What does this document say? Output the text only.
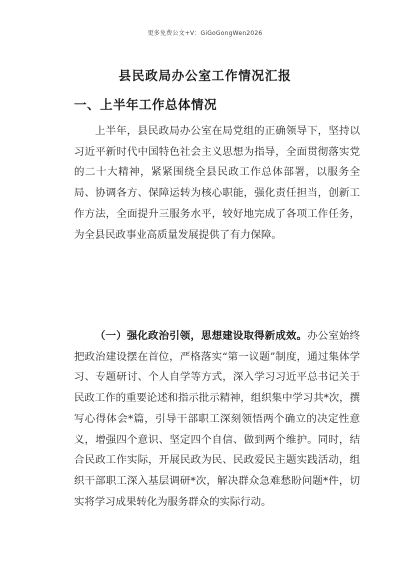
更多免费公文+V：GiGoGongWen2026
县民政局办公室工作情况汇报
一、上半年工作总体情况
上半年，县民政局办公室在局党组的正确领导下，坚持以习近平新时代中国特色社会主义思想为指导，全面贯彻落实党的二十大精神，紧紧围绕全县民政工作总体部署，以服务全局、协调各方、保障运转为核心职能，强化责任担当，创新工作方法，全面提升三服务水平，较好地完成了各项工作任务，为全县民政事业高质量发展提供了有力保障。
（一）强化政治引领，思想建设取得新成效。办公室始终把政治建设摆在首位，严格落实“第一议题”制度，通过集体学习、专题研讨、个人自学等方式，深入学习习近平总书记关于民政工作的重要论述和指示批示精神，组织集中学习共*次，撰写心得体会*篇，引导干部职工深刻领悟两个确立的决定性意义，增强四个意识、坚定四个自信、做到两个维护。同时，结合民政工作实际，开展民政为民、民政爱民主题实践活动，组织干部职工深入基层调研*次，解决群众急难愁盼问题*件，切实将学习成果转化为服务群众的实际行动。
